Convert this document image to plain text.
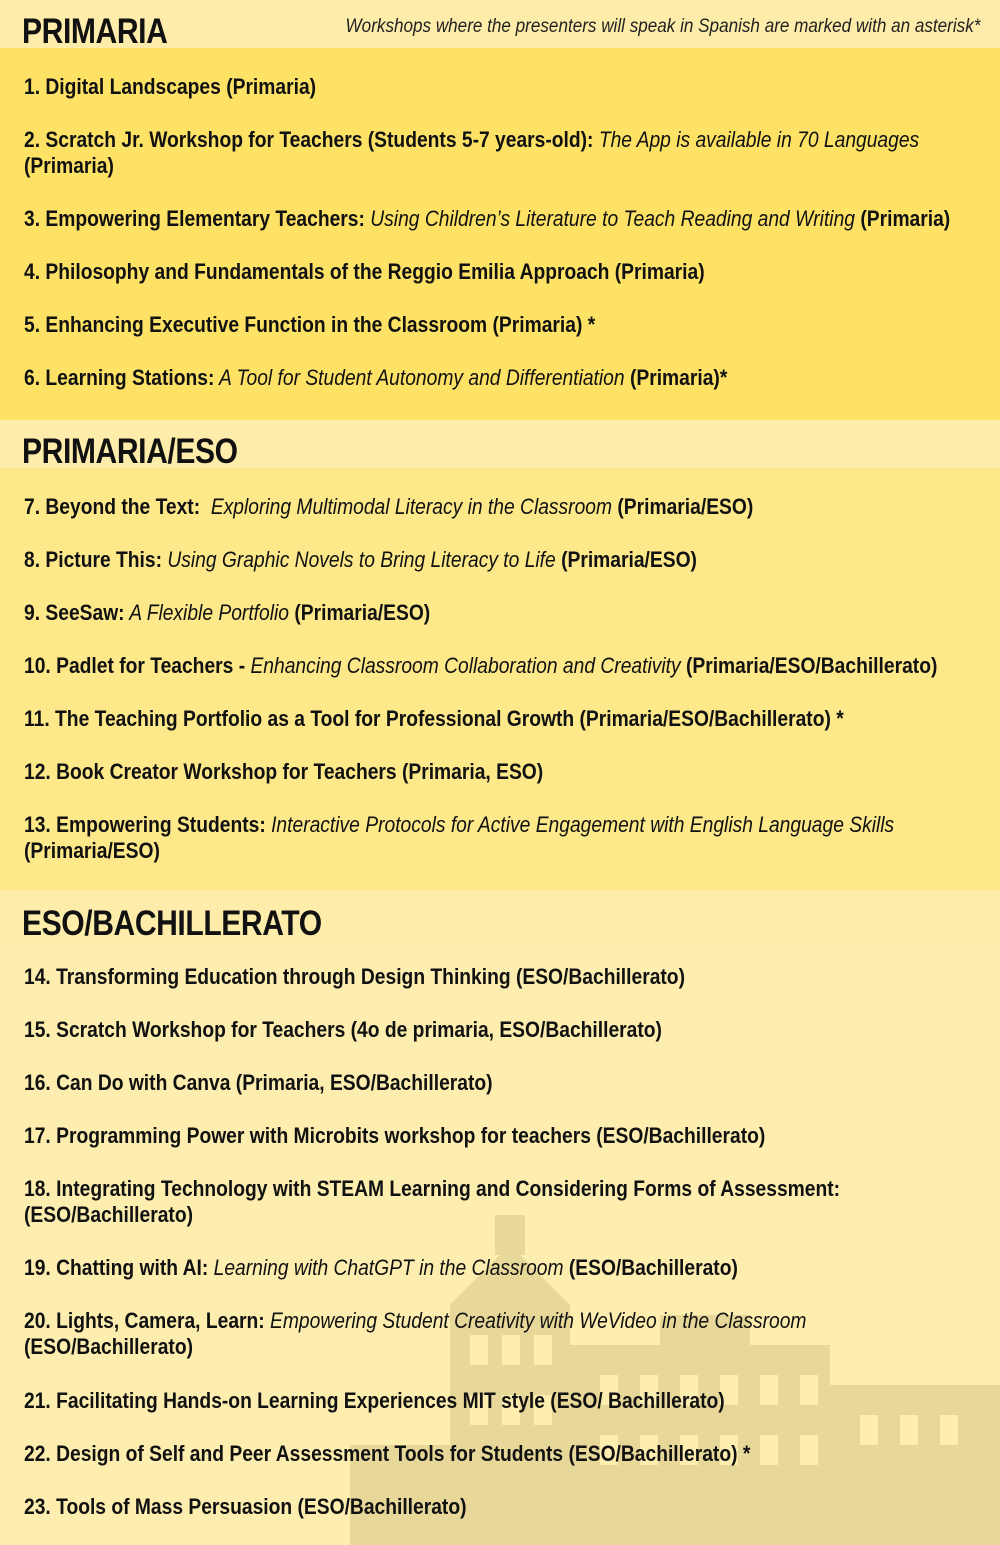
PRIMARIA	Workshops where the presenters will speak in Spanish are marked with an asterisk*
PRIMARIA/ESO
ESO/BACHILLERATO
1. Digital Landscapes (Primaria)
2. Scratch Jr. Workshop for Teachers (Students 5-7 years-old): The App is available in 70 Languages
(Primaria)
3. Empowering Elementary Teachers: Using Children’s Literature to Teach Reading and Writing (Primaria)
4. Philosophy and Fundamentals of the Reggio Emilia Approach (Primaria)
5. Enhancing Executive Function in the Classroom (Primaria) *
6. Learning Stations: A Tool for Student Autonomy and Differentiation (Primaria)*
7. Beyond the Text:  Exploring Multimodal Literacy in the Classroom (Primaria/ESO)
8. Picture This: Using Graphic Novels to Bring Literacy to Life (Primaria/ESO)
9. SeeSaw: A Flexible Portfolio (Primaria/ESO)
10. Padlet for Teachers - Enhancing Classroom Collaboration and Creativity (Primaria/ESO/Bachillerato)
11. The Teaching Portfolio as a Tool for Professional Growth (Primaria/ESO/Bachillerato) *
12. Book Creator Workshop for Teachers (Primaria, ESO)
13. Empowering Students: Interactive Protocols for Active Engagement with English Language Skills
(Primaria/ESO)
14. Transforming Education through Design Thinking (ESO/Bachillerato)
15. Scratch Workshop for Teachers (4o de primaria, ESO/Bachillerato)
16. Can Do with Canva (Primaria, ESO/Bachillerato)
17. Programming Power with Microbits workshop for teachers (ESO/Bachillerato)
18. Integrating Technology with STEAM Learning and Considering Forms of Assessment:
(ESO/Bachillerato)
19. Chatting with AI: Learning with ChatGPT in the Classroom (ESO/Bachillerato)
20. Lights, Camera, Learn: Empowering Student Creativity with WeVideo in the Classroom
(ESO/Bachillerato)
21. Facilitating Hands-on Learning Experiences MIT style (ESO/ Bachillerato)
22. Design of Self and Peer Assessment Tools for Students (ESO/Bachillerato) *
23. Tools of Mass Persuasion (ESO/Bachillerato)
